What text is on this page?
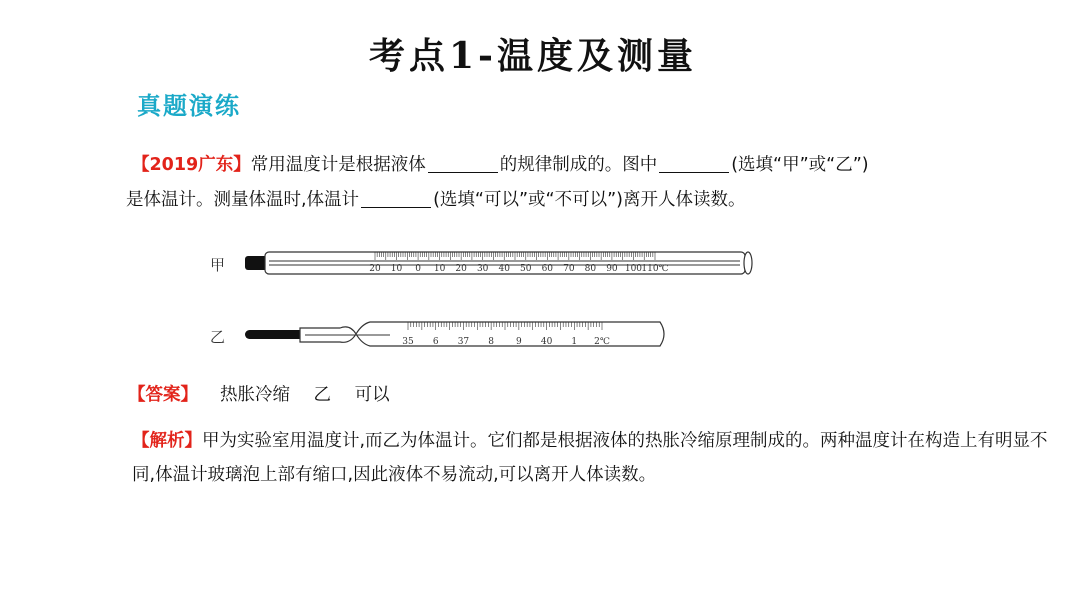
考点1-温度及测量
真题演练
【2019广东】常用温度计是根据液体	的规律制成的。图中	(选填“甲”或“乙”)
是体温计。测量体温时,体温计	(选填“可以”或“不可以”)离开人体读数。
甲	20 10 0 10 20 30 40 50 60 70 80 90 100 110℃
乙	35 6 37 8 9 40 1 2℃
【答案】 热胀冷缩 乙 可以
【解析】甲为实验室用温度计,而乙为体温计。它们都是根据液体的热胀冷缩原理制成的。两种温度计在构造上有明显不同,体温计玻璃泡上部有缩口,因此液体不易流动,可以离开人体读数。
